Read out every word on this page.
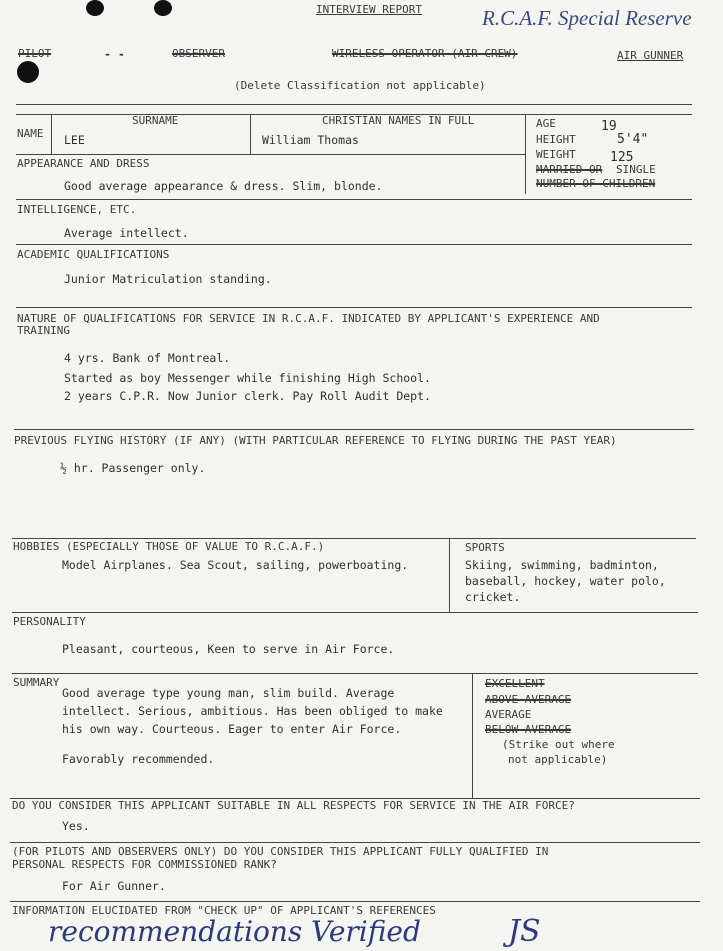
INTERVIEW REPORT	R.C.A.F. Special Reserve
PILOT	- -	OBSERVER	WIRELESS OPERATOR (AIR CREW)	AIR GUNNER
(Delete Classification not applicable)
SURNAME	CHRISTIAN NAMES IN FULL
NAME LEE	William Thomas
AGE	19
HEIGHT	5'4"
WEIGHT	125
MARRIED OR SINGLE
NUMBER OF CHILDREN
APPEARANCE AND DRESS
Good average appearance & dress. Slim, blonde.
INTELLIGENCE, ETC.
Average intellect.
ACADEMIC QUALIFICATIONS
Junior Matriculation standing.
NATURE OF QUALIFICATIONS FOR SERVICE IN R.C.A.F. INDICATED BY APPLICANT'S EXPERIENCE AND
TRAINING
4 yrs. Bank of Montreal.
Started as boy Messenger while finishing High School.
2 years C.P.R. Now Junior clerk. Pay Roll Audit Dept.
PREVIOUS FLYING HISTORY (IF ANY) (WITH PARTICULAR REFERENCE TO FLYING DURING THE PAST YEAR)
½ hr. Passenger only.
HOBBIES (ESPECIALLY THOSE OF VALUE TO R.C.A.F.)
Model Airplanes. Sea Scout, sailing, powerboating.
SPORTS
Skiing, swimming, badminton,
baseball, hockey, water polo,
cricket.
PERSONALITY
Pleasant, courteous, Keen to serve in Air Force.
SUMMARY
Good average type young man, slim build. Average
intellect. Serious, ambitious. Has been obliged to make
his own way. Courteous. Eager to enter Air Force.
Favorably recommended.
EXCELLENT
ABOVE AVERAGE
AVERAGE
BELOW AVERAGE
(Strike out where
not applicable)
DO YOU CONSIDER THIS APPLICANT SUITABLE IN ALL RESPECTS FOR SERVICE IN THE AIR FORCE?
Yes.
(FOR PILOTS AND OBSERVERS ONLY) DO YOU CONSIDER THIS APPLICANT FULLY QUALIFIED IN
PERSONAL RESPECTS FOR COMMISSIONED RANK?
For Air Gunner.
INFORMATION ELUCIDATED FROM "CHECK UP" OF APPLICANT'S REFERENCES
recommendations Verified	JS
